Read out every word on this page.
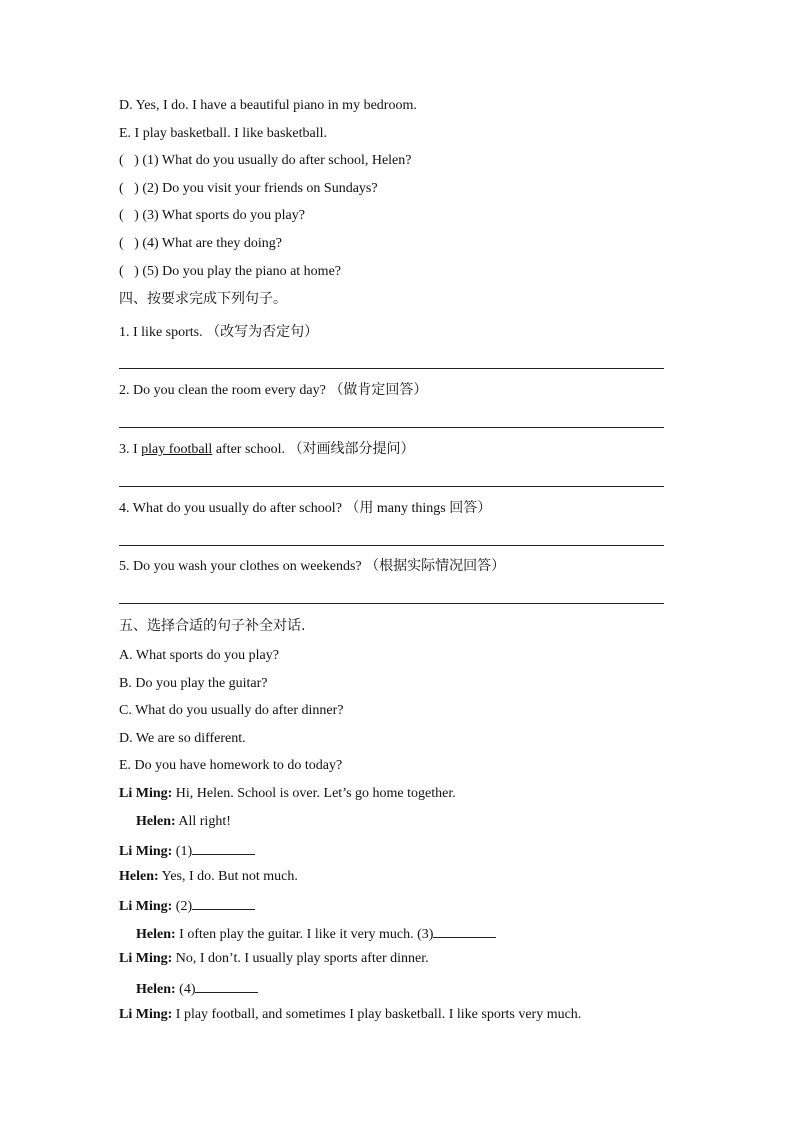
D. Yes, I do. I have a beautiful piano in my bedroom.
E. I play basketball. I like basketball.
(   ) (1) What do you usually do after school, Helen?
(   ) (2) Do you visit your friends on Sundays?
(   ) (3) What sports do you play?
(   ) (4) What are they doing?
(   ) (5) Do you play the piano at home?
四、按要求完成下列句子。
1. I like sports. （改写为否定句）
2. Do you clean the room every day? （做肯定回答）
3. I play football after school. （对画线部分提问）
4. What do you usually do after school? （用 many things 回答）
5. Do you wash your clothes on weekends? （根据实际情况回答）
五、选择合适的句子补全对话.
A. What sports do you play?
B. Do you play the guitar?
C. What do you usually do after dinner?
D. We are so different.
E. Do you have homework to do today?
Li Ming: Hi, Helen. School is over. Let’s go home together.
Helen: All right!
Li Ming: (1)
Helen: Yes, I do. But not much.
Li Ming: (2)
Helen: I often play the guitar. I like it very much. (3)
Li Ming: No, I don’t. I usually play sports after dinner.
Helen: (4)
Li Ming: I play football, and sometimes I play basketball. I like sports very much.
